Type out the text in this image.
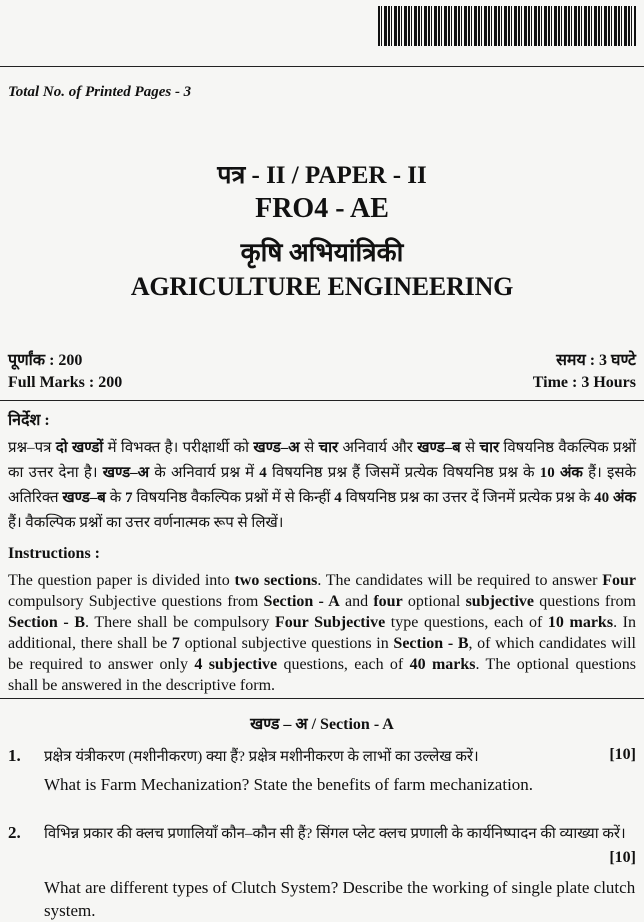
Total No. of Printed Pages - 3
पत्र - II / PAPER - II
FRO4 - AE
कृषि अभियांत्रिकी
AGRICULTURE ENGINEERING
पूर्णांक : 200	समय : 3 घण्टे
Full Marks : 200	Time : 3 Hours
निर्देश :
प्रश्न–पत्र दो खण्डों में विभक्त है। परीक्षार्थी को खण्ड–अ से चार अनिवार्य और खण्ड–ब से चार विषयनिष्ठ वैकल्पिक प्रश्नों का उत्तर देना है। खण्ड–अ के अनिवार्य प्रश्न में 4 विषयनिष्ठ प्रश्न हैं जिसमें प्रत्येक विषयनिष्ठ प्रश्न के 10 अंक हैं। इसके अतिरिक्त खण्ड–ब के 7 विषयनिष्ठ वैकल्पिक प्रश्नों में से किन्हीं 4 विषयनिष्ठ प्रश्न का उत्तर दें जिनमें प्रत्येक प्रश्न के 40 अंक हैं। वैकल्पिक प्रश्नों का उत्तर वर्णनात्मक रूप से लिखें।
Instructions :
The question paper is divided into two sections. The candidates will be required to answer Four compulsory Subjective questions from Section - A and four optional subjective questions from Section - B. There shall be compulsory Four Subjective type questions, each of 10 marks. In additional, there shall be 7 optional subjective questions in Section - B, of which candidates will be required to answer only 4 subjective questions, each of 40 marks. The optional questions shall be answered in the descriptive form.
खण्ड – अ / Section - A
1. प्रक्षेत्र यंत्रीकरण (मशीनीकरण) क्या हैं? प्रक्षेत्र मशीनीकरण के लाभों का उल्लेख करें।	[10]
What is Farm Mechanization? State the benefits of farm mechanization.
2. विभिन्न प्रकार की क्लच प्रणालियाँ कौन–कौन सी हैं? सिंगल प्लेट क्लच प्रणाली के कार्यनिष्पादन की व्याख्या करें।
[10]
What are different types of Clutch System? Describe the working of single plate clutch system.
